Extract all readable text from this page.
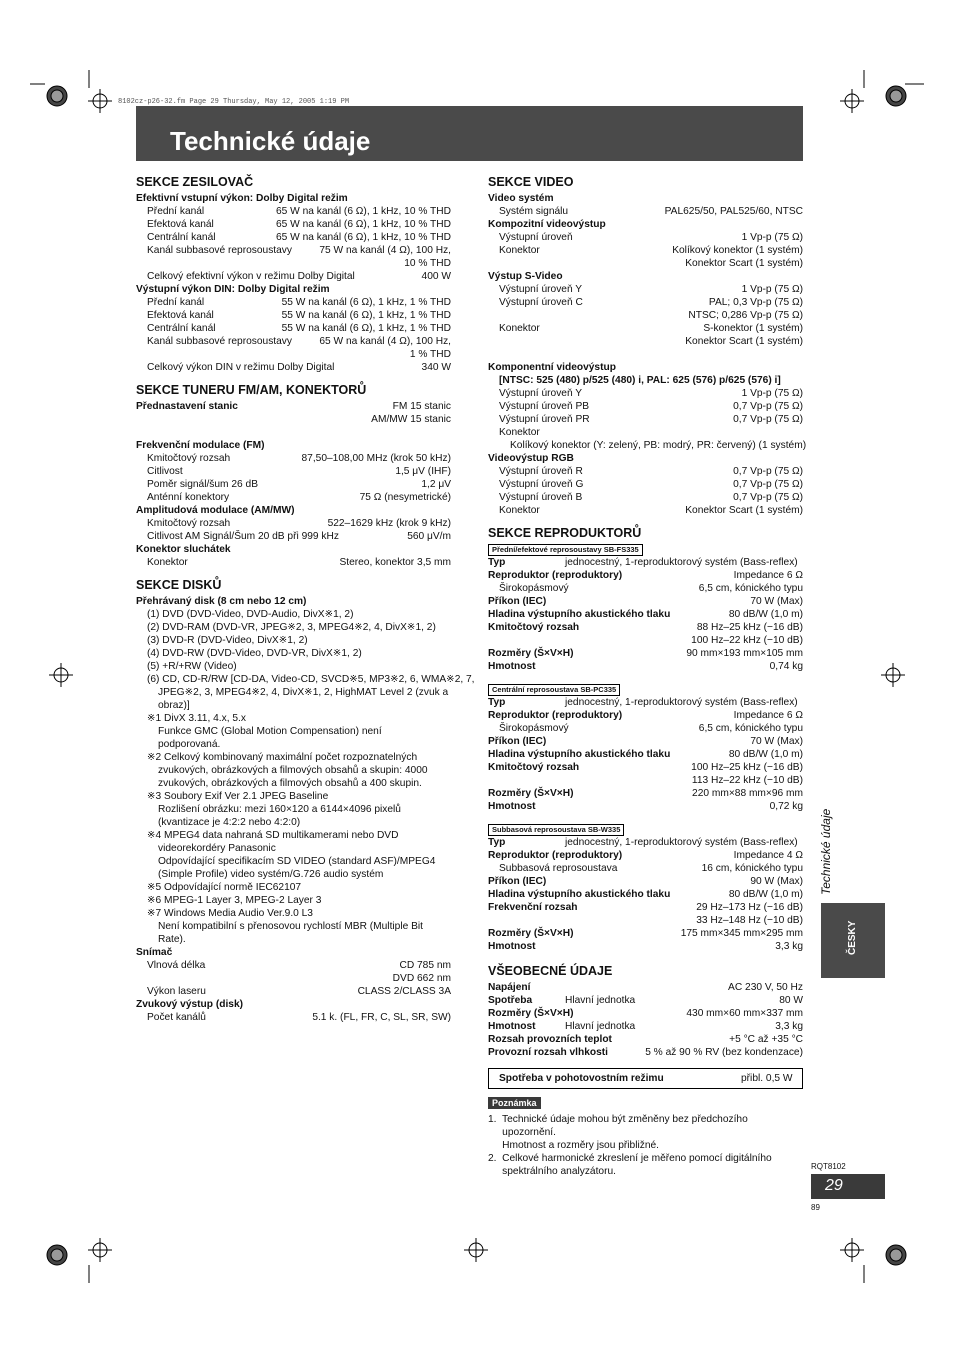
8102cz-p26-32.fm Page 29 Thursday, May 12, 2005 1:19 PM
Technické údaje
SEKCE ZESILOVAČ
Efektivní vstupní výkon: Dolby Digital režim
Přední kanál	65 W na kanál (6 Ω), 1 kHz, 10 % THD
Efektová kanál	65 W na kanál (6 Ω), 1 kHz, 10 % THD
Centrální kanál	65 W na kanál (6 Ω), 1 kHz, 10 % THD
Kanál subbasové reprosoustavy	75 W na kanál (4 Ω), 100 Hz,
10 % THD
Celkový efektivní výkon v režimu Dolby Digital	400 W
Výstupní výkon DIN: Dolby Digital režim
Přední kanál	55 W na kanál (6 Ω), 1 kHz, 1 % THD
Efektová kanál	55 W na kanál (6 Ω), 1 kHz, 1 % THD
Centrální kanál	55 W na kanál (6 Ω), 1 kHz, 1 % THD
Kanál subbasové reprosoustavy	65 W na kanál (4 Ω), 100 Hz,
1 % THD
Celkový výkon DIN v režimu Dolby Digital	340 W
SEKCE TUNERU FM/AM, KONEKTORŮ
Přednastavení stanic	FM 15 stanic
AM/MW 15 stanic
Frekvenční modulace (FM)
Kmitočtový rozsah	87,50–108,00 MHz (krok 50 kHz)
Citlivost	1,5 μV (IHF)
Poměr signál/šum 26 dB	1,2 μV
Anténní konektory	75 Ω (nesymetrické)
Amplitudová modulace (AM/MW)
Kmitočtový rozsah	522–1629 kHz (krok 9 kHz)
Citlivost AM Signál/Šum 20 dB při 999 kHz	560 μV/m
Konektor sluchátek
Konektor	Stereo, konektor 3,5 mm
SEKCE DISKŮ
Přehrávaný disk (8 cm nebo 12 cm)
(1) DVD (DVD-Video, DVD-Audio, DivX※1, 2)
(2) DVD-RAM (DVD-VR, JPEG※2, 3, MPEG4※2, 4, DivX※1, 2)
(3) DVD-R (DVD-Video, DivX※1, 2)
(4) DVD-RW (DVD-Video, DVD-VR, DivX※1, 2)
(5) +R/+RW (Video)
(6) CD, CD-R/RW [CD-DA, Video-CD, SVCD※5, MP3※2, 6, WMA※2, 7,
JPEG※2, 3, MPEG4※2, 4, DivX※1, 2, HighMAT Level 2 (zvuk a
obraz)]
※1 DivX 3.11, 4.x, 5.x
Funkce GMC (Global Motion Compensation) není
podporovaná.
※2 Celkový kombinovaný maximální počet rozpoznatelných
zvukových, obrázkových a filmových obsahů a skupin: 4000
zvukových, obrázkových a filmových obsahů a 400 skupin.
※3 Soubory Exif Ver 2.1 JPEG Baseline
Rozlišení obrázku: mezi 160×120 a 6144×4096 pixelů
(kvantizace je 4:2:2 nebo 4:2:0)
※4 MPEG4 data nahraná SD multikamerami nebo DVD
videorekordéry Panasonic
Odpovídající specifikacím SD VIDEO (standard ASF)/MPEG4
(Simple Profile) video systém/G.726 audio systém
※5 Odpovídající normě IEC62107
※6 MPEG-1 Layer 3, MPEG-2 Layer 3
※7 Windows Media Audio Ver.9.0 L3
Není kompatibilní s přenosovou rychlostí MBR (Multiple Bit
Rate).
Snímač
Vlnová délka	CD 785 nm
DVD 662 nm
Výkon laseru	CLASS 2/CLASS 3A
Zvukový výstup (disk)
Počet kanálů	5.1 k. (FL, FR, C, SL, SR, SW)
SEKCE VIDEO
Video systém
Systém signálu	PAL625/50, PAL525/60, NTSC
Kompozitní videovýstup
Výstupní úroveň	1 Vp-p (75 Ω)
Konektor	Kolíkový konektor (1 systém)
Konektor Scart (1 systém)
Výstup S-Video
Výstupní úroveň Y	1 Vp-p (75 Ω)
Výstupní úroveň C	PAL; 0,3 Vp-p (75 Ω)
NTSC; 0,286 Vp-p (75 Ω)
Konektor	S-konektor (1 systém)
Konektor Scart (1 systém)
Komponentní videovýstup
[NTSC: 525 (480) p/525 (480) i, PAL: 625 (576) p/625 (576) i]
Výstupní úroveň Y	1 Vp-p (75 Ω)
Výstupní úroveň PB	0,7 Vp-p (75 Ω)
Výstupní úroveň PR	0,7 Vp-p (75 Ω)
Konektor
Kolíkový konektor (Y: zelený, PB: modrý, PR: červený) (1 systém)
Videovýstup RGB
Výstupní úroveň R	0,7 Vp-p (75 Ω)
Výstupní úroveň G	0,7 Vp-p (75 Ω)
Výstupní úroveň B	0,7 Vp-p (75 Ω)
Konektor	Konektor Scart (1 systém)
SEKCE REPRODUKTORŮ
Přední/efektové reprosoustavy SB-FS335
Typ	jednocestný, 1-reproduktorový systém (Bass-reflex)
Reproduktor (reproduktory)	Impedance 6 Ω
Širokopásmový	6,5 cm, kónického typu
Příkon (IEC)	70 W (Max)
Hladina výstupního akustického tlaku	80 dB/W (1,0 m)
Kmitočtový rozsah	88 Hz–25 kHz (−16 dB)
100 Hz–22 kHz (−10 dB)
Rozměry (Š×V×H)	90 mm×193 mm×105 mm
Hmotnost	0,74 kg
Centrální reprosoustava SB-PC335
Typ	jednocestný, 1-reproduktorový systém (Bass-reflex)
Reproduktor (reproduktory)	Impedance 6 Ω
Širokopásmový	6,5 cm, kónického typu
Příkon (IEC)	70 W (Max)
Hladina výstupního akustického tlaku	80 dB/W (1,0 m)
Kmitočtový rozsah	100 Hz–25 kHz (−16 dB)
113 Hz–22 kHz (−10 dB)
Rozměry (Š×V×H)	220 mm×88 mm×96 mm
Hmotnost	0,72 kg
Subbasová reprosoustava SB-W335
Typ	jednocestný, 1-reproduktorový systém (Bass-reflex)
Reproduktor (reproduktory)	Impedance 4 Ω
Subbasová reprosoustava	16 cm, kónického typu
Příkon (IEC)	90 W (Max)
Hladina výstupního akustického tlaku	80 dB/W (1,0 m)
Frekvenční rozsah	29 Hz–173 Hz (−16 dB)
33 Hz–148 Hz (−10 dB)
Rozměry (Š×V×H)	175 mm×345 mm×295 mm
Hmotnost	3,3 kg
VŠEOBECNÉ ÚDAJE
Napájení	AC 230 V, 50 Hz
Spotřeba	Hlavní jednotka	80 W
Rozměry (Š×V×H)	430 mm×60 mm×337 mm
Hmotnost	Hlavní jednotka	3,3 kg
Rozsah provozních teplot	+5 °C až +35 °C
Provozní rozsah vlhkosti	5 % až 90 % RV (bez kondenzace)
Spotřeba v pohotovostním režimu	přibl. 0,5 W
Poznámka
1.  Technické údaje mohou být změněny bez předchozího
upozornění.
Hmotnost a rozměry jsou přibližné.
2.  Celkové harmonické zkreslení je měřeno pomocí digitálního
spektrálního analyzátoru.
Technické údaje
ČESKY
RQT8102
29
89
